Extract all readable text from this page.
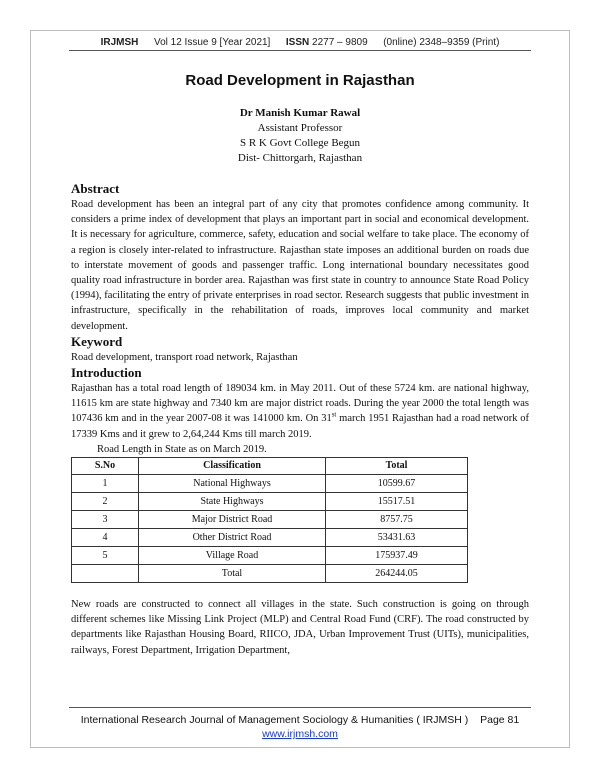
IRJMSH Vol 12 Issue 9 [Year 2021] ISSN 2277 – 9809 (0nline) 2348–9359 (Print)
Road Development in Rajasthan
Dr Manish Kumar Rawal
Assistant Professor
S R K Govt College Begun
Dist- Chittorgarh, Rajasthan
Abstract

Road development has been an integral part of any city that promotes confidence among community. It considers a prime index of development that plays an important part in social and economical development. It is necessary for agriculture, commerce, safety, education and social welfare to take place. The economy of a region is closely inter-related to infrastructure. Rajasthan state imposes an additional burden on roads due to interstate movement of goods and passenger traffic. Long international boundary necessitates good quality road infrastructure in border area. Rajasthan was first state in country to announce State Road Policy (1994), facilitating the entry of private enterprises in road sector. Research suggests that public investment in infrastructure, specifically in the rehabilitation of roads, improves local community and market development.

Keyword

Road development, transport road network, Rajasthan

Introduction

Rajasthan has a total road length of 189034 km. in May 2011. Out of these 5724 km. are national highway, 11615 km are state highway and 7340 km are major district roads. During the year 2000 the total length was 107436 km and in the year 2007-08 it was 141000 km. On 31st march 1951 Rajasthan had a road network of 17339 Kms and it grew to 2,64,244 Kms till march 2019.

Road Length in State as on March 2019.
S.No	Classification	Total
1	National Highways	10599.67
2	State Highways	15517.51
3	Major District Road	8757.75
4	Other District Road	53431.63
5	Village Road	175937.49
	Total	264244.05

New roads are constructed to connect all villages in the state. Such construction is going on through different schemes like Missing Link Project (MLP) and Central Road Fund (CRF). The road constructed by departments like Rajasthan Housing Board, RIICO, JDA, Urban Improvement Trust (UITs), municipalities, railways, Forest Department, Irrigation Department,

International Research Journal of Management Sociology & Humanities ( IRJMSH ) Page 81
www.irjmsh.com
